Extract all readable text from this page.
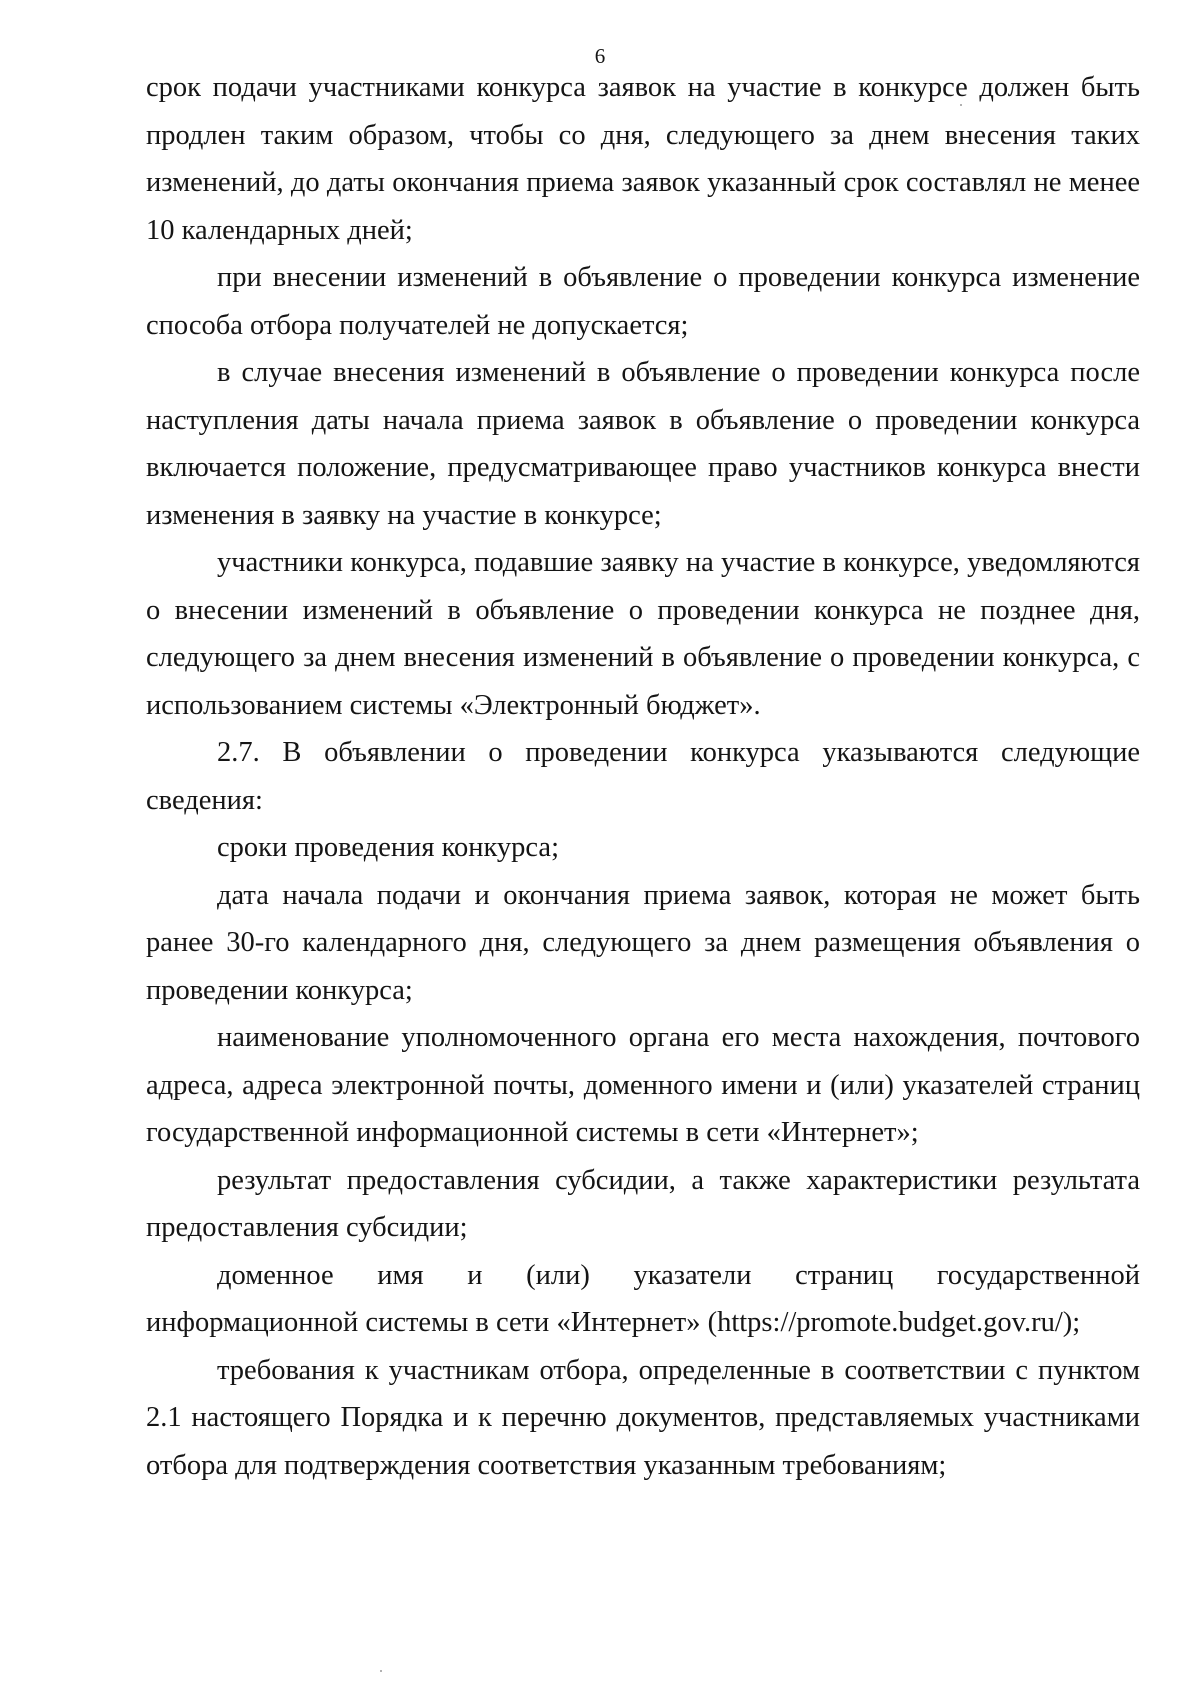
6

срок подачи участниками конкурса заявок на участие в конкурсе должен быть продлен таким образом, чтобы со дня, следующего за днем внесения таких изменений, до даты окончания приема заявок указанный срок составлял не менее 10 календарных дней;

при внесении изменений в объявление о проведении конкурса изменение способа отбора получателей не допускается;

в случае внесения изменений в объявление о проведении конкурса после наступления даты начала приема заявок в объявление о проведении конкурса включается положение, предусматривающее право участников конкурса внести изменения в заявку на участие в конкурсе;

участники конкурса, подавшие заявку на участие в конкурсе, уведомляются о внесении изменений в объявление о проведении конкурса не позднее дня, следующего за днем внесения изменений в объявление о проведении конкурса, с использованием системы «Электронный бюджет».

2.7. В объявлении о проведении конкурса указываются следующие сведения:

сроки проведения конкурса;

дата начала подачи и окончания приема заявок, которая не может быть ранее 30-го календарного дня, следующего за днем размещения объявления о проведении конкурса;

наименование уполномоченного органа его места нахождения, почтового адреса, адреса электронной почты, доменного имени и (или) указателей страниц государственной информационной системы в сети «Интернет»;

результат предоставления субсидии, а также характеристики результата предоставления субсидии;

доменное имя и (или) указатели страниц государственной информационной системы в сети «Интернет» (https://promote.budget.gov.ru/);

требования к участникам отбора, определенные в соответствии с пунктом 2.1 настоящего Порядка и к перечню документов, представляемых участниками отбора для подтверждения соответствия указанным требованиям;
